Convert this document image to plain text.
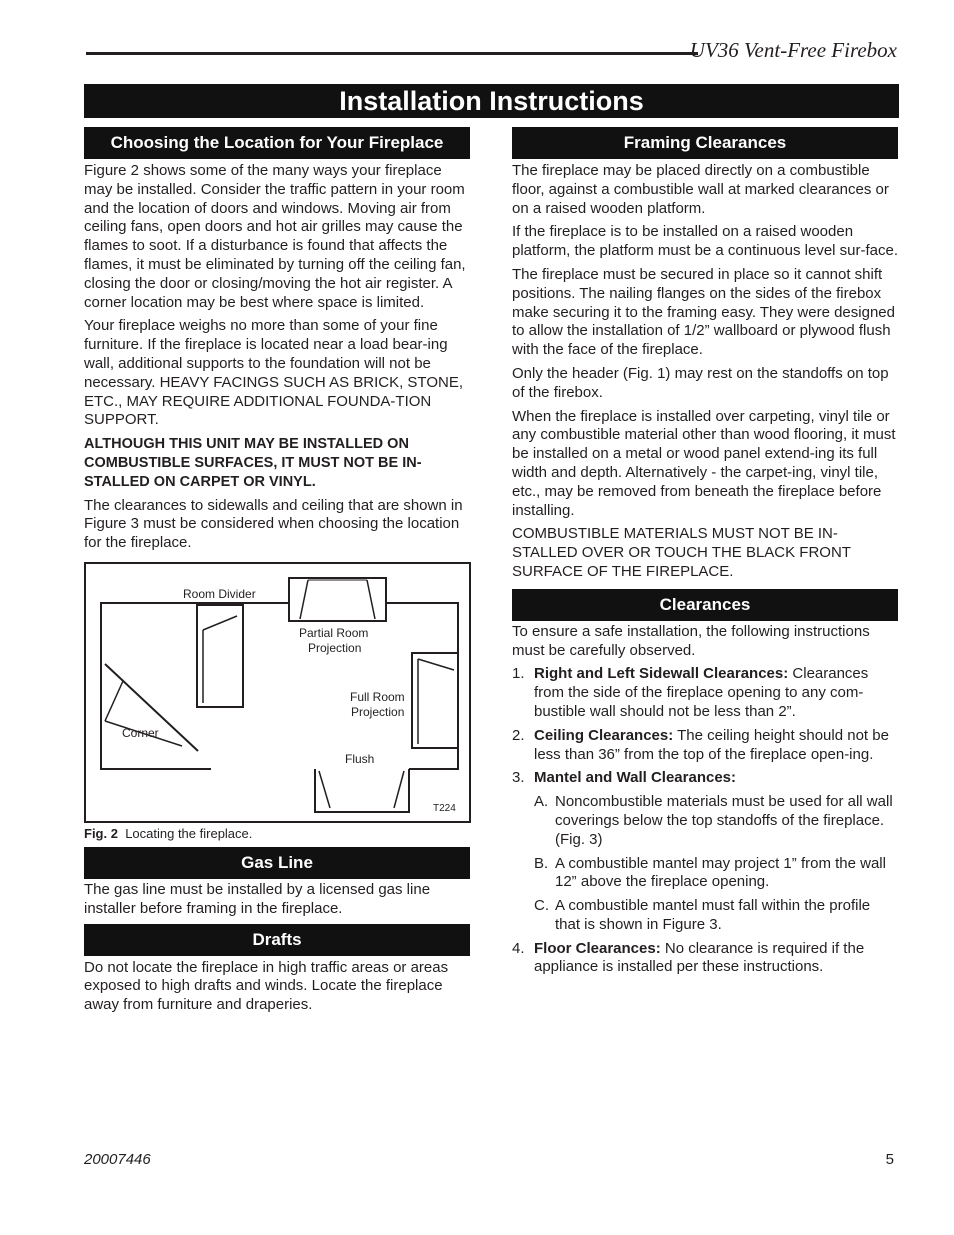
UV36 Vent-Free Firebox
Installation Instructions
Choosing the Location for Your Fireplace

Figure 2 shows some of the many ways your fireplace may be installed. Consider the traffic pattern in your room and the location of doors and windows. Moving air from ceiling fans, open doors and hot air grilles may cause the flames to soot. If a disturbance is found that affects the flames, it must be eliminated by turning off the ceiling fan, closing the door or closing/moving the hot air register. A corner location may be best where space is limited.

Your fireplace weighs no more than some of your fine furniture. If the fireplace is located near a load bear-ing wall, additional supports to the foundation will not be necessary. HEAVY FACINGS SUCH AS BRICK, STONE, ETC., MAY REQUIRE ADDITIONAL FOUNDA-TION SUPPORT.

ALTHOUGH THIS UNIT MAY BE INSTALLED ON COMBUSTIBLE SURFACES, IT MUST NOT BE IN-STALLED ON CARPET OR VINYL.

The clearances to sidewalls and ceiling that are shown in Figure 3 must be considered when choosing the location for the fireplace.

Room Divider
Partial Room
Projection
Full Room
Projection
Corner
Flush
T224

Fig. 2 Locating the fireplace.

Gas Line

The gas line must be installed by a licensed gas line installer before framing in the fireplace.

Drafts

Do not locate the fireplace in high traffic areas or areas exposed to high drafts and winds. Locate the fireplace away from furniture and draperies.

Framing Clearances

The fireplace may be placed directly on a combustible floor, against a combustible wall at marked clearances or on a raised wooden platform.

If the fireplace is to be installed on a raised wooden platform, the platform must be a continuous level sur-face.

The fireplace must be secured in place so it cannot shift positions. The nailing flanges on the sides of the firebox make securing it to the framing easy. They were designed to allow the installation of 1/2” wallboard or plywood flush with the face of the fireplace.

Only the header (Fig. 1) may rest on the standoffs on top of the firebox.

When the fireplace is installed over carpeting, vinyl tile or any combustible material other than wood flooring, it must be installed on a metal or wood panel extend-ing its full width and depth. Alternatively - the carpet-ing, vinyl tile, etc., may be removed from beneath the fireplace before installing.

COMBUSTIBLE MATERIALS MUST NOT BE IN-STALLED OVER OR TOUCH THE BLACK FRONT SURFACE OF THE FIREPLACE.

Clearances

To ensure a safe installation, the following instructions must be carefully observed.

1. Right and Left Sidewall Clearances: Clearances from the side of the fireplace opening to any com-bustible wall should not be less than 2”.
2. Ceiling Clearances: The ceiling height should not be less than 36” from the top of the fireplace open-ing.
3. Mantel and Wall Clearances:
A. Noncombustible materials must be used for all wall coverings below the top standoffs of the fireplace. (Fig. 3)
B. A combustible mantel may project 1” from the wall 12” above the fireplace opening.
C. A combustible mantel must fall within the profile that is shown in Figure 3.
4. Floor Clearances: No clearance is required if the appliance is installed per these instructions.
20007446	5
